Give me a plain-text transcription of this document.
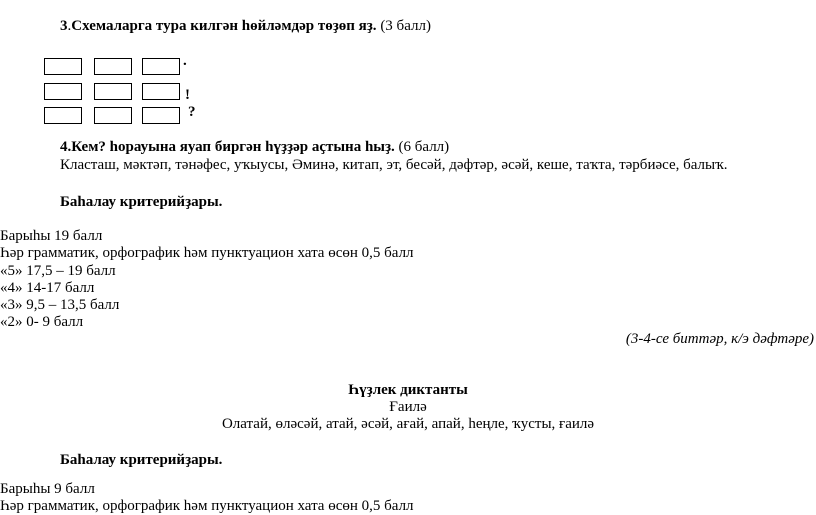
3.Схемаларга тура килгән һөйләмдәр төҙөп яҙ. (3 балл)
.
!
?
4.Кем? һорауына яуап биргән һүҙҙәр аҫтына һыҙ. (6 балл)
Класташ, мәктәп, тәнәфес, уҡыусы, Әминә, китап, эт, бесәй, дәфтәр, әсәй, кеше, таҡта, тәрбиәсе, балыҡ.
Баһалау критерийҙары.
Барыһы 19 балл
Һәр грамматик, орфографик һәм пунктуацион хата өсөн 0,5 балл
«5» 17,5 – 19 балл
«4» 14-17 балл
«3» 9,5 – 13,5 балл
«2» 0- 9 балл
(3-4-се биттәр, к/э дәфтәре)
Һүҙлек диктанты
Ғаилә
Олатай, өләсәй, атай, әсәй, ағай, апай, һеңле, ҡусты, ғаилә
Баһалау критерийҙары.
Барыһы 9 балл
Һәр грамматик, орфографик һәм пунктуацион хата өсөн 0,5 балл
